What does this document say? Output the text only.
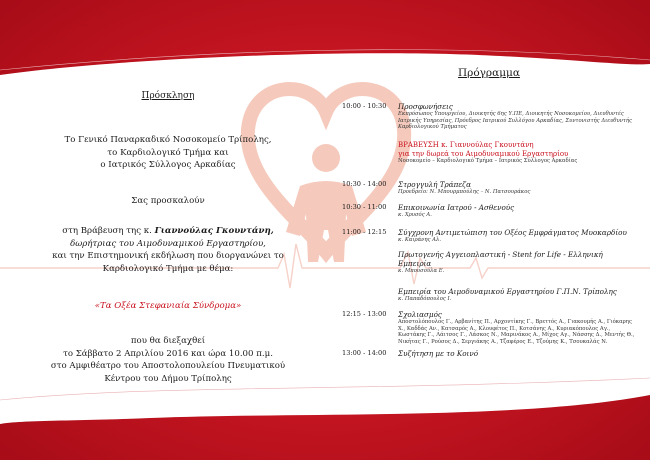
Πρόσκληση

Το Γενικό Παναρκαδικό Νοσοκομείο Τρίπολης,

το Καρδιολογικό Τμήμα και

ο Ιατρικός Σύλλογος Αρκαδίας

Σας προσκαλούν

στη Βράβευση της κ. Γιαννούλας Γκουντάνη,

δωρήτριας του Αιμοδυναμικού Εργαστηρίου,

και την Επιστημονική εκδήλωση που διοργανώνει το

Καρδιολογικό Τμήμα με θέμα:

«Τα Οξέα Στεφανιαία Σύνδρομα»

που θα διεξαχθεί

το Σάββατο 2 Απριλίου 2016 και ώρα 10.00 π.μ.

στο Αμφιθέατρο του Αποστολοπουλείου Πνευματικού

Κέντρου του Δήμου Τρίπολης

Πρόγραμμα
10:00 - 10:30	Προσφωνήσεις
Εκπρόσωπος Υπουργείου, Διοικητής 6ης Υ.ΠΕ, Διοικητής Νοσοκομείου, Διευθυντές Ιατρικής Υπηρεσίας, Πρόεδρος Ιατρικού Συλλόγου Αρκαδίας, Συντονιστής Διευθυντής Καρδιολογικού Τμήματος
ΒΡΑΒΕΥΣΗ κ. Γιαννούλας Γκουντάνη
για την δωρεά του Αιμοδυναμικού Εργαστηρίου
Νοσοκομείο – Καρδιολογικό Τμήμα – Ιατρικός Σύλλογος Αρκαδίας
10:30 - 14:00	Στρογγυλή Τράπεζα
Προεδρείο: Ν. Μπουρμπούλης – Ν. Πατσουράκος
10:30 - 11:00	Επικοινωνία Ιατρού - Ασθενούς
κ. Χρυσός Α.
11:00 - 12:15	Σύγχρονη Αντιμετώπιση του Οξέος Εμφράγματος Μυοκαρδίου
κ. Καιράνης Αλ.
Πρωτογενής Αγγειοπλαστική - Stent for Life - Ελληνική Εμπειρία
κ. Μπουσούλα Ε.
Εμπειρία του Αιμοδυναμικού Εργαστηρίου Γ.Π.Ν. Τρίπολης
κ. Παπαδόπουλος Ι.
12:15 - 13:00	Σχολιασμός
Αποστολόπουλος Γ., Αρβανίτης Π., Αρχοντίκης Γ., Βρεττός Α., Γιακουμής Α., Γιόκαρης Χ., Καδδάς Αν., Κατσαρός Α., Κλουφέτος Π., Κοτσάνης Α., Κυριακόπουλος Αγ., Κωστάκης Γ., Λάιτσος Γ., Λάσκος Ν., Μαρινάκος Α., Μίχος Αγ., Νάσσης Δ., Μεντής Θ., Νικήτας Γ., Ρούσος Δ., Σεργιάκης Α., Τζαφέρος Ε., Τζούμης Κ., Τσουκαλάς Ν.
13:00 - 14:00	Συζήτηση με το Κοινό
